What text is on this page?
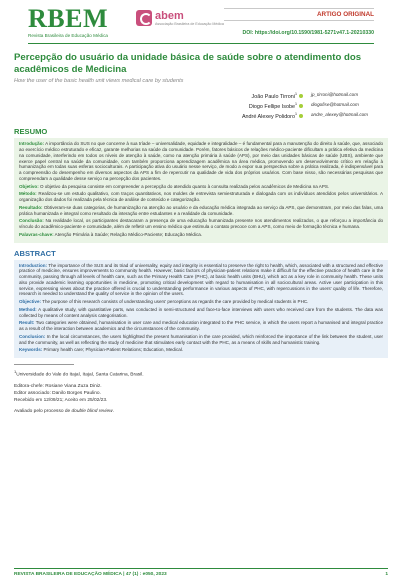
RBEM
Revista Brasileira de Educação Médica
abem
Associação Brasileira de Educação Médica
ARTIGO ORIGINAL
DOI: https://doi.org/10.1590/1981-5271v47.1-20210330
Percepção do usuário da unidade básica de saúde sobre o atendimento dos acadêmicos de Medicina
How the user of the basic health unit views medical care by students
João Paulo Tirroni$^1$	jp_tirroni@hotmail.com
Diogo Fellipe Isobe$^1$	diogofise@hotmail.com
André Alexey Polidoro$^1$	andre_alexey@hotmail.com
RESUMO

Introdução: A importância do SUS no que concerne à sua tríade – universalidade, equidade e integralidade – é fundamental para a manutenção do direito à saúde, que, associado ao exercício médico estruturado e eficaz, garante melhorias na saúde da comunidade. Porém, fatores básicos de relações médico-paciente dificultam a prática efetiva da medicina na comunidade, interferindo em todos os níveis de atenção à saúde, como na atenção primária à saúde (APS), por meio das unidades básicas de saúde (UBS), ambiente que exerce papel central na saúde da comunidade, com também proporciona aprendizagem acadêmica na área médica, promovendo um desenvolvimento crítico em relação à humanização em todas suas esferas socioculturais. A participação ativa do usuário nesse serviço, de modo a expor sua perspectiva sobre a prática realizada, é indispensável para a compreensão do desempenho em diversos aspectos da APS a fim de repercutir na qualidade de vida dos próprios usuários. Com base nisso, são necessárias pesquisas que compreendam a qualidade desse serviço na percepção dos pacientes.

Objetivo: O objetivo da pesquisa consiste em compreender a percepção do atendido quanto à consulta realizada pelos acadêmicos de Medicina na APS.

Método: Realizou-se um estudo qualitativo, com traços quantitativos, nos moldes de entrevista semiestruturada e dialogada com os indivíduos atendidos pelos universitários. A organização dos dados foi realizada pela técnica de análise de conteúdo e categorização.

Resultado: Obtiveram-se duas categorias, de humanização na atenção ao usuário e da educação médica integrada ao serviço da APS, que demonstram, por meio das falas, uma prática humanizada e integral como resultado da interação entre estudantes e a realidade da comunidade.

Conclusão: Na realidade local, os participantes destacaram a presença de uma educação humanizada presente nos atendimentos realizados, o que reforçou a importância do vínculo do acadêmico-paciente e comunidade, além de refletir um ensino médico que estimula o contato precoce com a APS, como meio de formação técnica e humana.

Palavras-chave: Atenção Primária à Saúde; Relação Médico-Paciente; Educação Médica.

ABSTRACT

Introduction: The importance of the SUS and its triad of universality, equity and integrity is essential to preserve the right to health, which, associated with a structured and effective practice of medicine, ensures improvements to community health. However, basic factors of physician-patient relations make it difficult for the effective practice of health care in the community, passing through all levels of health care, such as the Primary Health Care (PHC), at basic health units (BHU), which act as a key role in community health. These units also provide academic learning opportunities in medicine, promoting critical development with regard to humanisation in all sociocultural areas. Active user participation in this service, expressing views about the practice offered is crucial to understanding performance in various aspects of PHC, with repercussions in the users' quality of life. Therefore, research is needed to understand the quality of service in the opinion of the users.

Objective: The purpose of this research consists of understanding users' perceptions as regards the care provided by medical students in PHC.

Method: A qualitative study, with quantitative parts, was conducted in semi-structured and face-to-face interviews with users who received care from the students. The data was collected by means of content analysis categorisation.

Result: Two categories were obtained, humanisation in user care and medical education integrated to the PHC service, in which the users report a humanised and integral practice as a result of the interaction between academics and the circumstances of the community.

Conclusion: In the local circumstances, the users highlighted the present humanisation in the care provided, which reinforced the importance of the link between the student, user and the community, as well as reflecting the study of medicine that stimulates early contact with the PHC, as a means of skills and humanistic training.

Keywords: Primary health care; Physician-Patient Relations; Education, Medical.

$^1$Universidade do Vale do Itajaí, Itajaí, Santa Catarina, Brasil.
Editora-chefe: Rosiane Viana Zuza Diniz.
Editor associado: Danilo Borges Paulino.
Recebido em 12/09/21; Aceito em 25/02/23.
Avaliado pelo processo de double blind review.
REVISTA BRASILEIRA DE EDUCAÇÃO MÉDICA | 47 (1) : e050, 2023	1
